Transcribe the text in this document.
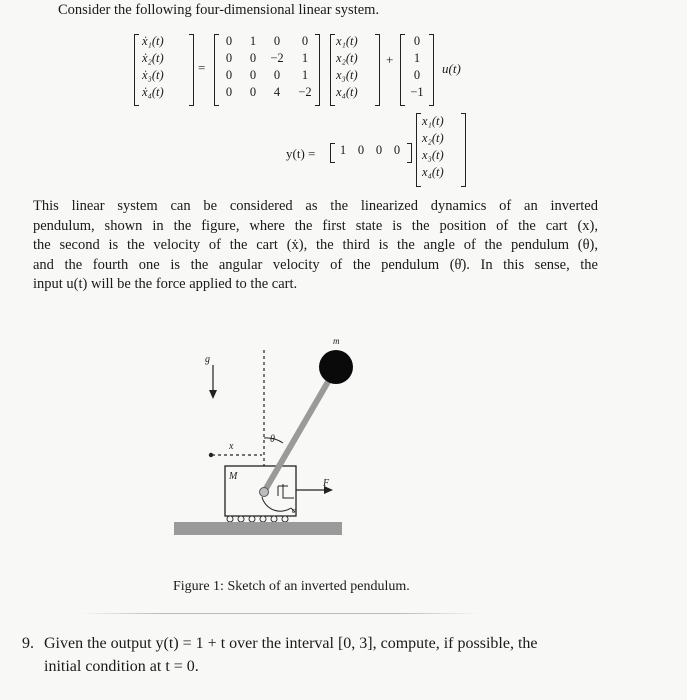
Consider the following four-dimensional linear system.
ẋ₁(t)
ẋ₂(t)
ẋ₃(t)
ẋ₄(t)
=
0	1	0	0
0	0	−2	1
0	0	0	1
0	0	4	−2
x₁(t)
x₂(t)
x₃(t)
x₄(t)
+
0
1
0
−1
u(t)
y(t) =	1 0 0 0
x₁(t)
x₂(t)
x₃(t)
x₄(t)
This linear system can be considered as the linearized dynamics of an inverted
pendulum, shown in the figure, where the first state is the position of the cart (x),
the second is the velocity of the cart (ẋ), the third is the angle of the pendulum (θ),
and the fourth one is the angular velocity of the pendulum (θ̇). In this sense, the
input u(t) will be the force applied to the cart.
g
m
x
θ
M
F
c
Figure 1: Sketch of an inverted pendulum.
9. Given the output y(t) = 1 + t over the interval [0, 3], compute, if possible, the
initial condition at t = 0.
